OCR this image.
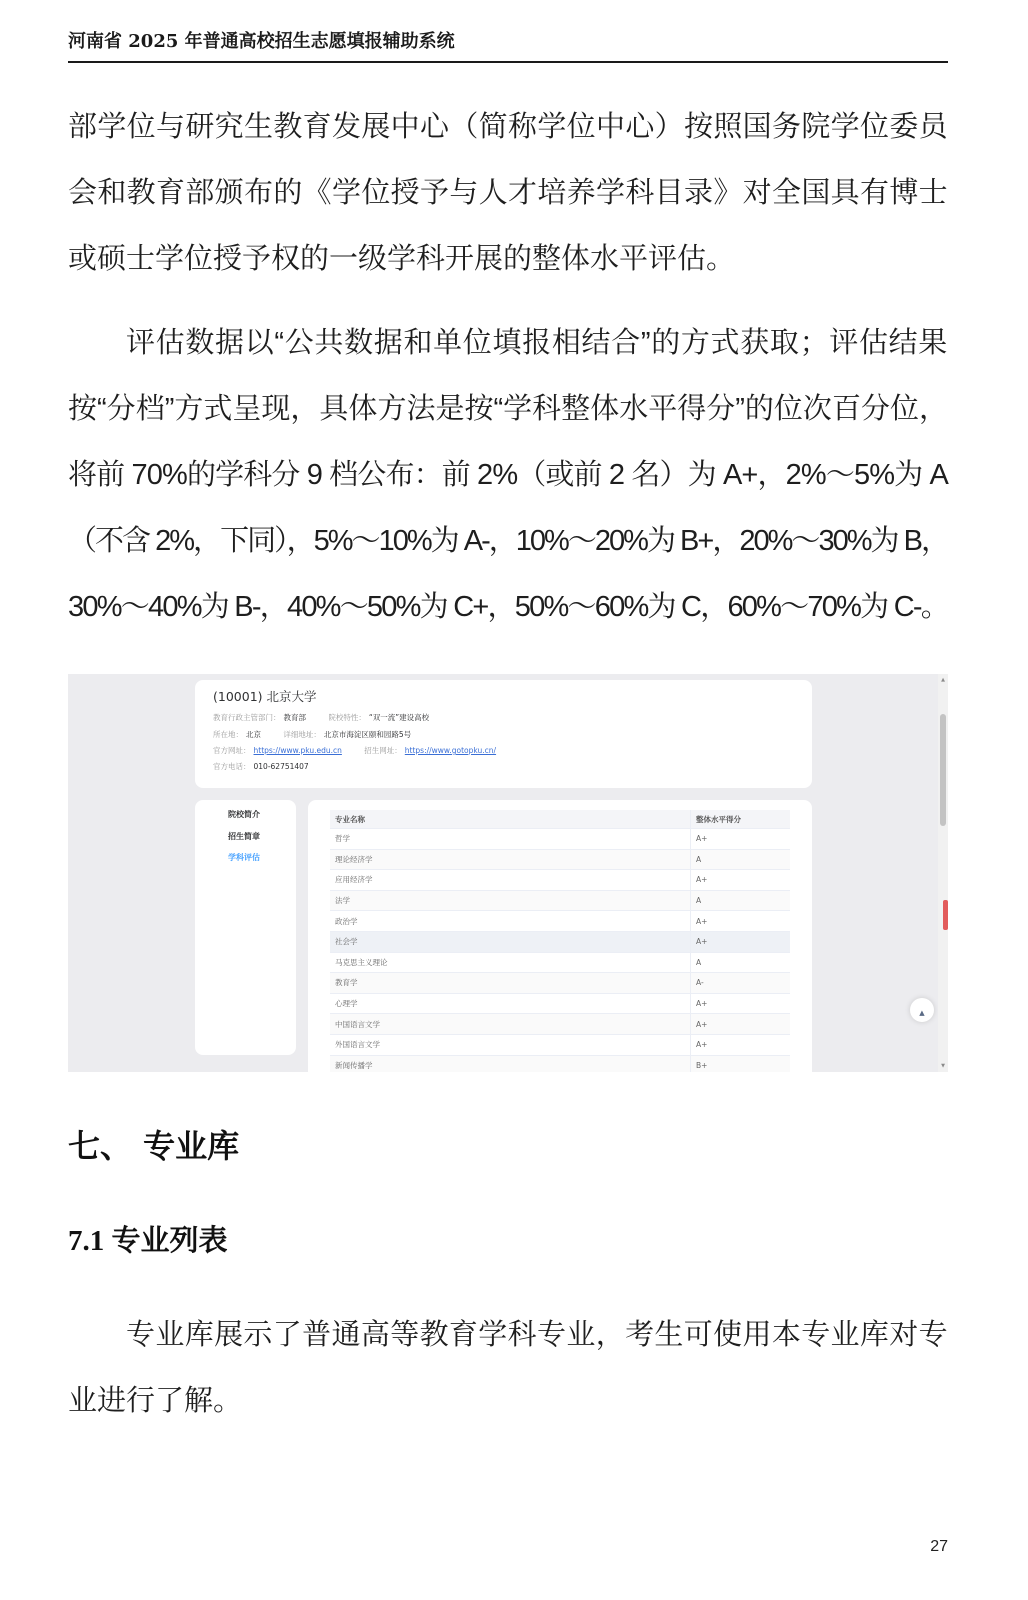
河南省 2025 年普通高校招生志愿填报辅助系统
部学位与研究生教育发展中心（简称学位中心）按照国务院学位委员
会和教育部颁布的《学位授予与人才培养学科目录》对全国具有博士
或硕士学位授予权的一级学科开展的整体水平评估。
评估数据以“公共数据和单位填报相结合”的方式获取；评估结果
按“分档”方式呈现，具体方法是按“学科整体水平得分”的位次百分位，
将前 70%的学科分 9 档公布：前 2%（或前 2 名）为 A+，2%～5%为 A
（不含 2%，下同），5%～10%为 A-，10%～20%为 B+，20%～30%为 B，
30%～40%为 B-，40%～50%为 C+，50%～60%为 C，60%～70%为 C-。
(10001) 北京大学
教育行政主管部门： 教育部	院校特性： “双一流”建设高校
所在地： 北京	详细地址： 北京市海淀区颐和园路5号
官方网址： https://www.pku.edu.cn	招生网址： https://www.gotopku.cn/
官方电话： 010-62751407
院校简介
招生简章
学科评估
专业名称	整体水平得分
哲学	A+
理论经济学	A
应用经济学	A+
法学	A
政治学	A+
社会学	A+
马克思主义理论	A
教育学	A-
心理学	A+
中国语言文学	A+
外国语言文学	A+
新闻传播学	B+
▲
▲
▼
七、 专业库
7.1 专业列表
专业库展示了普通高等教育学科专业，考生可使用本专业库对专
业进行了解。
27
